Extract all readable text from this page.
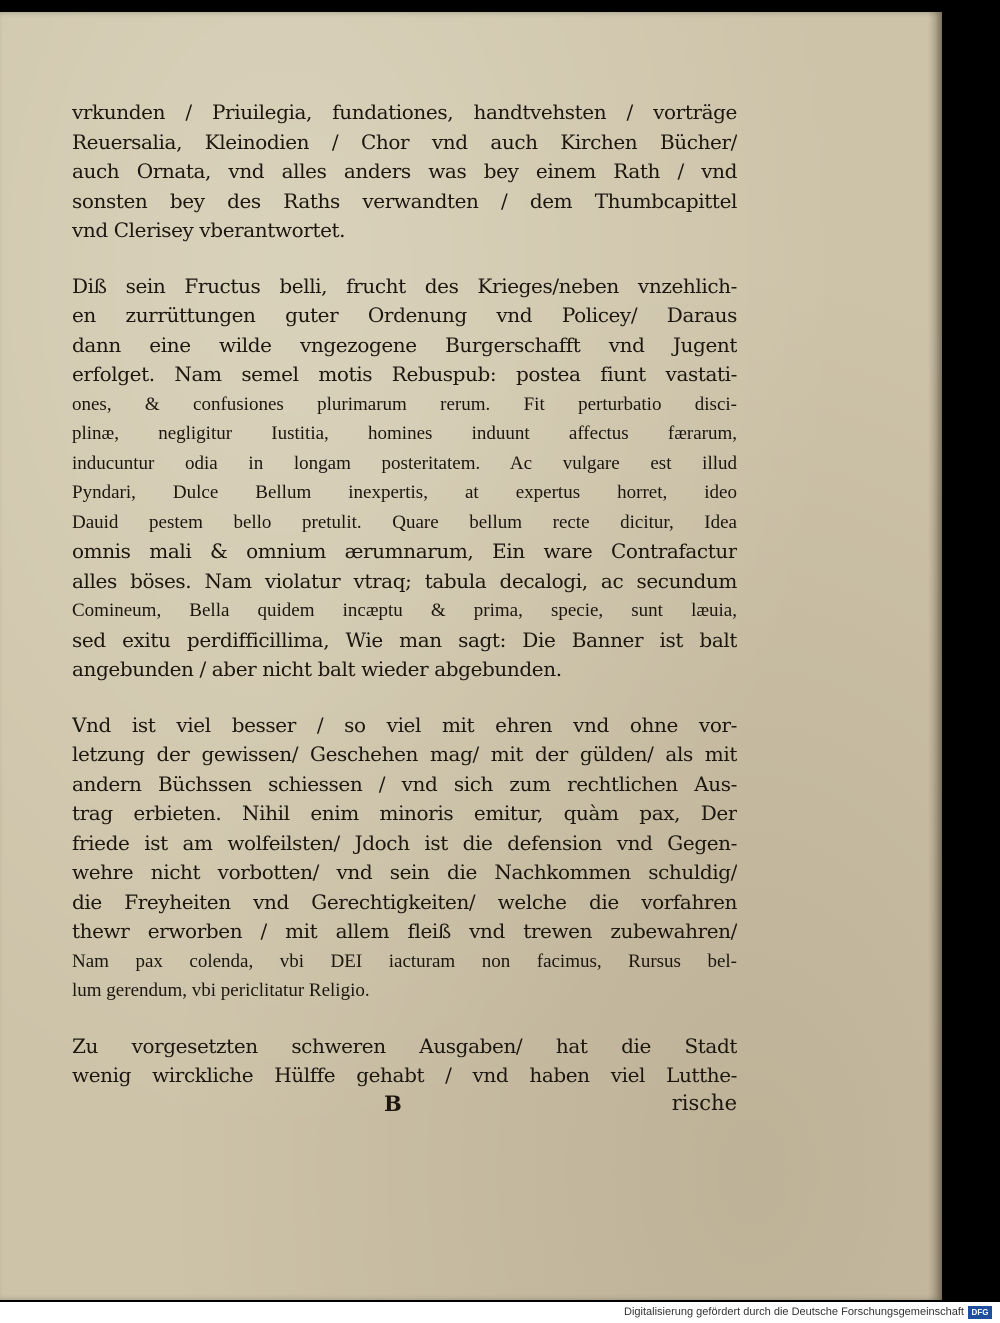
vrkunden / Priuilegia, fundationes, handtvehsten / vorträge
Reuersalia, Kleinodien / Chor vnd auch Kirchen Bücher/
auch Ornata, vnd alles anders was bey einem Rath / vnd
sonsten bey des Raths verwandten / dem Thumbcapittel
vnd Clerisey vberantwortet.
Diß sein Fructus belli, frucht des Krieges/neben vnzehlich-
en zurrüttungen guter Ordenung vnd Policey/ Daraus
dann eine wilde vngezogene Burgerschafft vnd Jugent
erfolget. Nam semel motis Rebuspub: postea fiunt vastati-
ones, & confusiones plurimarum rerum. Fit perturbatio disci-
plinæ, negligitur Iustitia, homines induunt affectus færarum,
inducuntur odia in longam posteritatem. Ac vulgare est illud
Pyndari, Dulce Bellum inexpertis, at expertus horret, ideo
Dauid pestem bello pretulit. Quare bellum recte dicitur, Idea
omnis mali & omnium ærumnarum, Ein ware Contrafactur
alles böses. Nam violatur vtraq; tabula decalogi, ac secundum
Comineum, Bella quidem incæptu & prima, specie, sunt læuia,
sed exitu perdifficillima, Wie man sagt: Die Banner ist balt
angebunden / aber nicht balt wieder abgebunden.
Vnd ist viel besser / so viel mit ehren vnd ohne vor-
letzung der gewissen/ Geschehen mag/ mit der gülden/ als mit
andern Büchssen schiessen / vnd sich zum rechtlichen Aus-
trag erbieten. Nihil enim minoris emitur, quàm pax, Der
friede ist am wolfeilsten/ Jdoch ist die defension vnd Gegen-
wehre nicht vorbotten/ vnd sein die Nachkommen schuldig/
die Freyheiten vnd Gerechtigkeiten/ welche die vorfahren
thewr erworben / mit allem fleiß vnd trewen zubewahren/
Nam pax colenda, vbi DEI iacturam non facimus, Rursus bel-
lum gerendum, vbi periclitatur Religio.
Zu vorgesetzten schweren Ausgaben/ hat die Stadt
wenig wirckliche Hülffe gehabt / vnd haben viel Lutthe-
B	rische
Digitalisierung gefördert durch die Deutsche Forschungsgemeinschaft DFG
